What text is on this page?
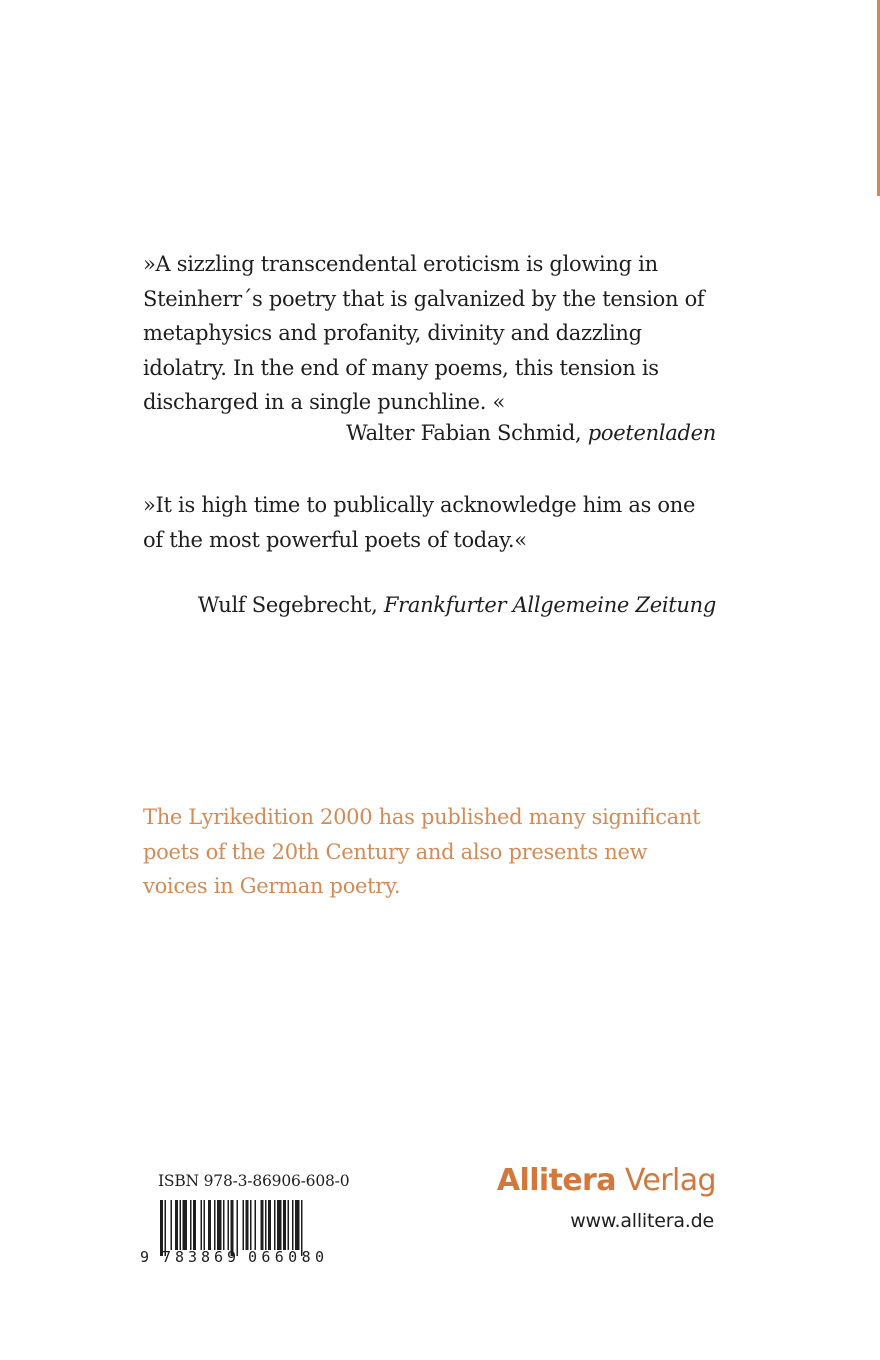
»A sizzling transcendental eroticism is glowing in Steinherr´s poetry that is galvanized by the tension of metaphysics and profanity, divinity and dazzling idolatry. In the end of many poems, this tension is discharged in a single punchline. «

Walter Fabian Schmid, poetenladen

»It is high time to publically acknowledge him as one of the most powerful poets of today.«

Wulf Segebrecht, Frankfurter Allgemeine Zeitung

The Lyrikedition 2000 has published many significant poets of the 20th Century and also presents new voices in German poetry.

ISBN 978-3-86906-608-0
9 783869 066080
Allitera Verlag
www.allitera.de
